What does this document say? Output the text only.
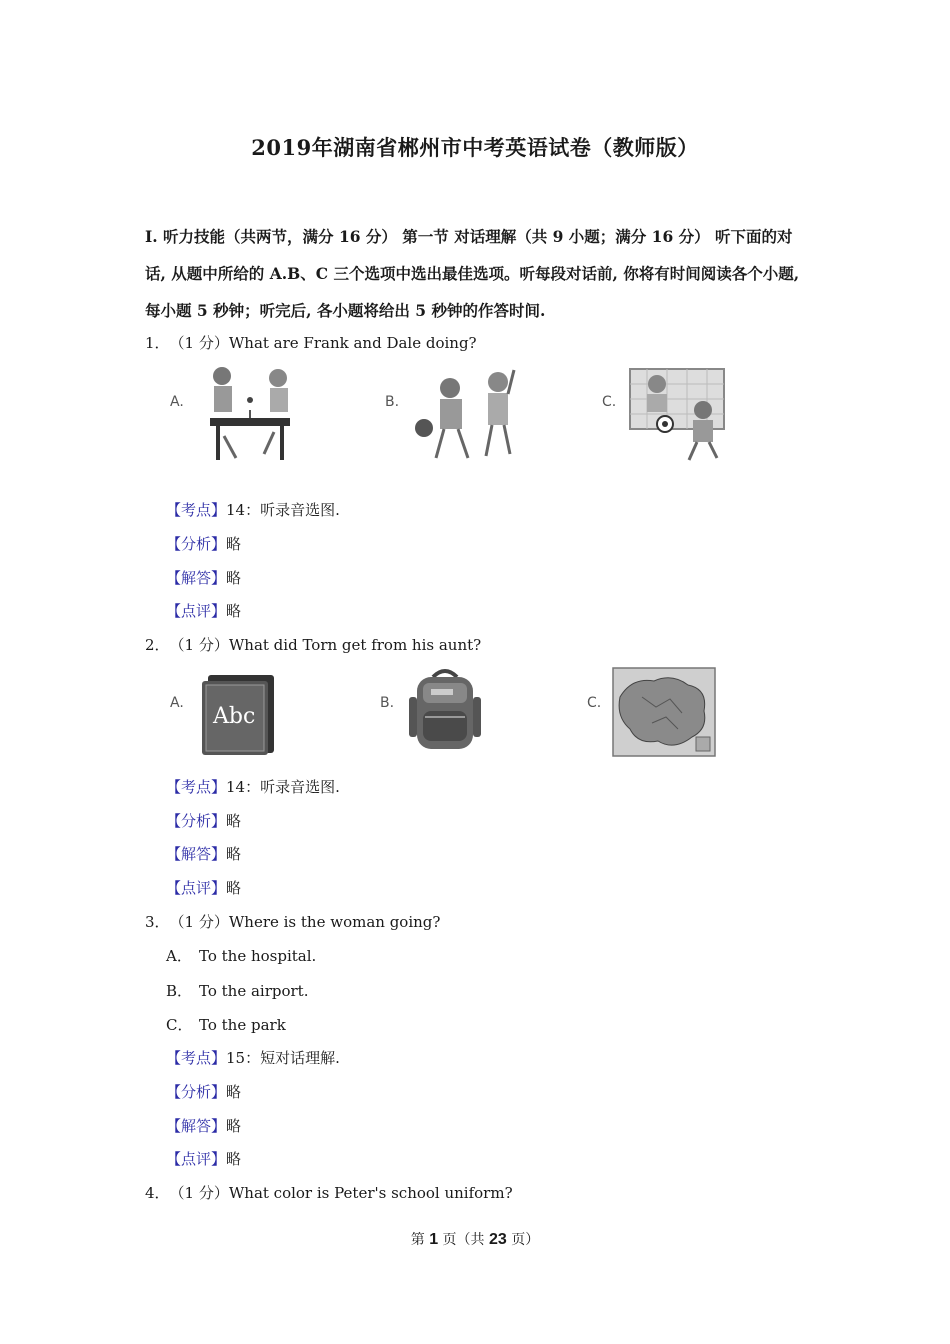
2019年湖南省郴州市中考英语试卷（教师版）
I. 听力技能（共两节，满分 16 分） 第一节 对话理解（共 9 小题；满分 16 分） 听下面的对话, 从题中所给的 A.B、C 三个选项中选出最佳选项。听每段对话前, 你将有时间阅读各个小题, 每小题 5 秒钟；听完后, 各小题将给出 5 秒钟的作答时间.
1．（1 分）What are Frank and Dale doing?
A.	B.	C.
【考点】14：听录音选图.
【分析】略
【解答】略
【点评】略
2．（1 分）What did Torn get from his aunt?
A.
Abc
B.	C.
【考点】14：听录音选图.
【分析】略
【解答】略
【点评】略
3．（1 分）Where is the woman going?
A． To the hospital.
B． To the airport.
C． To the park
【考点】15：短对话理解.
【分析】略
【解答】略
【点评】略
4．（1 分）What color is Peter's school uniform?
第 1 页（共 23 页）
